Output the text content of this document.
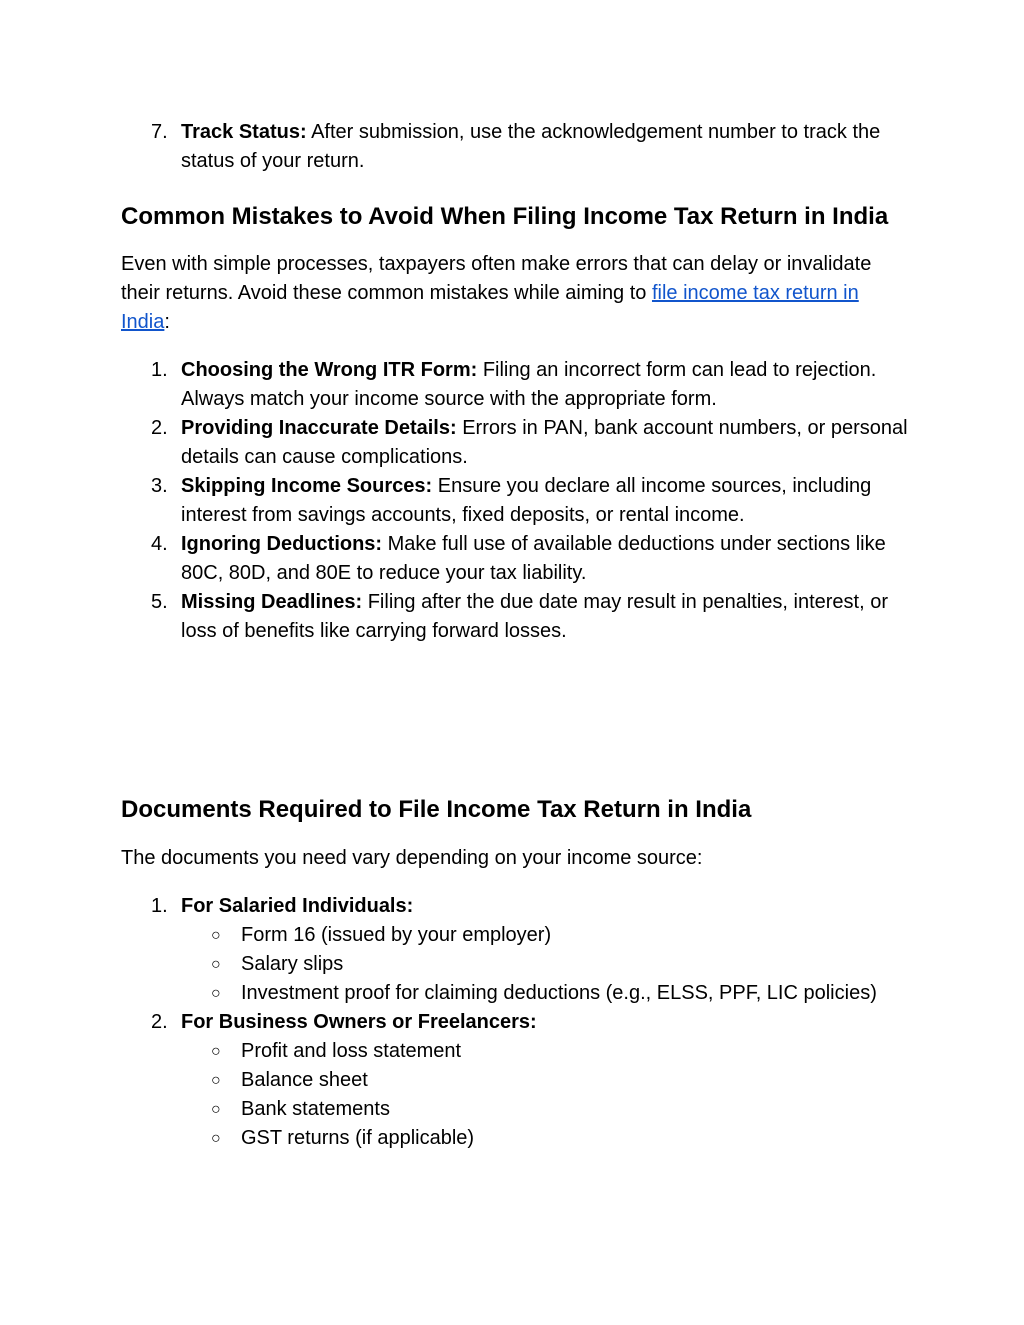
7. Track Status: After submission, use the acknowledgement number to track the status of your return.
Common Mistakes to Avoid When Filing Income Tax Return in India

Even with simple processes, taxpayers often make errors that can delay or invalidate their returns. Avoid these common mistakes while aiming to file income tax return in India:

1. Choosing the Wrong ITR Form: Filing an incorrect form can lead to rejection. Always match your income source with the appropriate form.
2. Providing Inaccurate Details: Errors in PAN, bank account numbers, or personal details can cause complications.
3. Skipping Income Sources: Ensure you declare all income sources, including interest from savings accounts, fixed deposits, or rental income.
4. Ignoring Deductions: Make full use of available deductions under sections like 80C, 80D, and 80E to reduce your tax liability.
5. Missing Deadlines: Filing after the due date may result in penalties, interest, or loss of benefits like carrying forward losses.
Documents Required to File Income Tax Return in India

The documents you need vary depending on your income source:

1. For Salaried Individuals:
○	Form 16 (issued by your employer)
○	Salary slips
○	Investment proof for claiming deductions (e.g., ELSS, PPF, LIC policies)
2. For Business Owners or Freelancers:
○	Profit and loss statement
○	Balance sheet
○	Bank statements
○	GST returns (if applicable)
